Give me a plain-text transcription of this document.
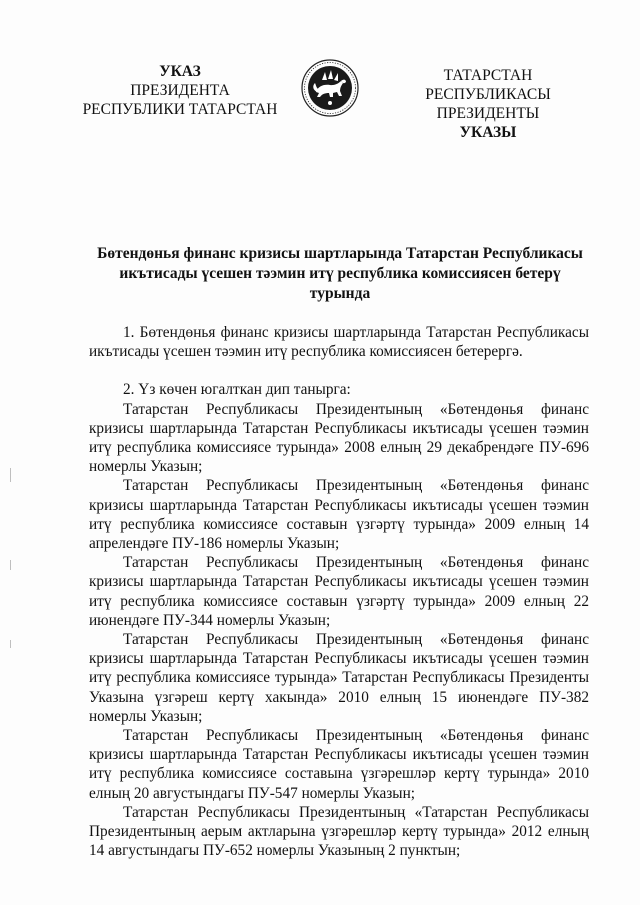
УКАЗ
ПРЕЗИДЕНТА
РЕСПУБЛИКИ ТАТАРСТАН
ТАТАРСТАН РЕСПУБЛИКАСЫ
ПРЕЗИДЕНТЫ
УКАЗЫ
Бөтендөнья финанс кризисы шартларында Татарстан Республикасы
икътисады үсешен тәэмин итү республика комиссиясен бетерү турында

1. Бөтендөнья финанс кризисы шартларында Татарстан Республикасы икътисады үсешен тәэмин итү республика комиссиясен бетерергә.

2. Үз көчен югалткан дип танырга:

Татарстан Республикасы Президентының «Бөтендөнья финанс кризисы шартларында Татарстан Республикасы икътисады үсешен тәэмин итү республика комиссиясе турында» 2008 елның 29 декабрендәге ПУ-696 номерлы Указын;

Татарстан Республикасы Президентының «Бөтендөнья финанс кризисы шартларында Татарстан Республикасы икътисады үсешен тәэмин итү республика комиссиясе составын үзгәртү турында» 2009 елның 14 апрелендәге ПУ-186 номерлы Указын;

Татарстан Республикасы Президентының «Бөтендөнья финанс кризисы шартларында Татарстан Республикасы икътисады үсешен тәэмин итү республика комиссиясе составын үзгәртү турында» 2009 елның 22 июнендәге ПУ-344 номерлы Указын;

Татарстан Республикасы Президентының «Бөтендөнья финанс кризисы шартларында Татарстан Республикасы икътисады үсешен тәэмин итү республика комиссиясе турында» Татарстан Республикасы Президенты Указына үзгәреш кертү хакында» 2010 елның 15 июнендәге ПУ-382 номерлы Указын;

Татарстан Республикасы Президентының «Бөтендөнья финанс кризисы шартларында Татарстан Республикасы икътисады үсешен тәэмин итү республика комиссиясе составына үзгәрешләр кертү турында» 2010 елның 20 августындагы ПУ-547 номерлы Указын;

Татарстан Республикасы Президентының «Татарстан Республикасы Президентының аерым актларына үзгәрешләр кертү турында» 2012 елның 14 августындагы ПУ-652 номерлы Указының 2 пунктын;
